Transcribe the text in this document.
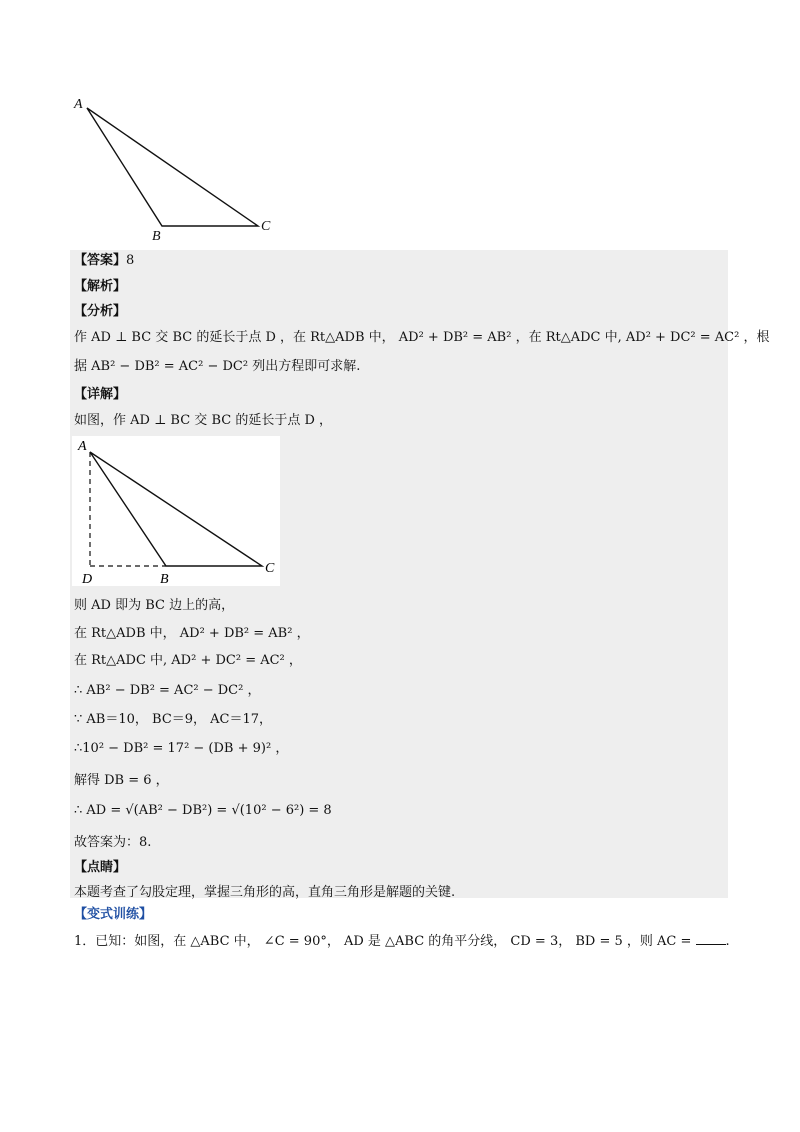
A
B
C
【答案】8
【解析】
【分析】
作 AD ⊥ BC 交 BC 的延长于点 D ，在 Rt△ADB 中， AD² + DB² = AB² ，在 Rt△ADC 中, AD² + DC² = AC² ，根
据 AB² − DB² = AC² − DC² 列出方程即可求解.
【详解】
如图，作 AD ⊥ BC 交 BC 的延长于点 D ，
A
D	B
C
则 AD 即为 BC 边上的高，
在 Rt△ADB 中， AD² + DB² = AB² ，
在 Rt△ADC 中, AD² + DC² = AC² ，
∴ AB² − DB² = AC² − DC² ，
∵ AB＝10， BC＝9， AC＝17，
∴10² − DB² = 17² − (DB + 9)² ，
解得 DB = 6 ，
∴ AD = √(AB² − DB²) = √(10² − 6²) = 8
故答案为：8.
【点睛】
本题考查了勾股定理，掌握三角形的高，直角三角形是解题的关键.
【变式训练】
1．已知：如图，在 △ABC 中， ∠C = 90°， AD 是 △ABC 的角平分线， CD = 3， BD = 5 ，则 AC =	.
